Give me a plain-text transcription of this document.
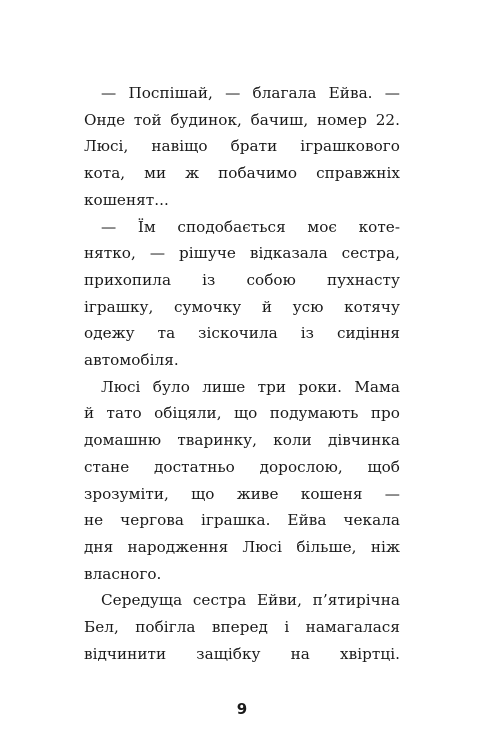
— Поспішай, — благала Ейва. —
Онде той будинок, бачиш, номер 22.
Люсі, навіщо брати іграшкового
кота, ми ж побачимо справжніх
кошенят...
— Їм сподобається моє коте-
нятко, — рішуче відказала сестра,
прихопила із собою пухнасту
іграшку, сумочку й усю котячу
одежу та зіскочила із сидіння
автомобіля.
Люсі було лише три роки. Мама
й тато обіцяли, що подумають про
домашню тваринку, коли дівчинка
стане достатньо дорослою, щоб
зрозуміти, що живе кошеня —
не чергова іграшка. Ейва чекала
дня народження Люсі більше, ніж
власного.
Середуща сестра Ейви, п’ятирічна
Бел, побігла вперед і намагалася
відчинити защібку на хвіртці.
9
